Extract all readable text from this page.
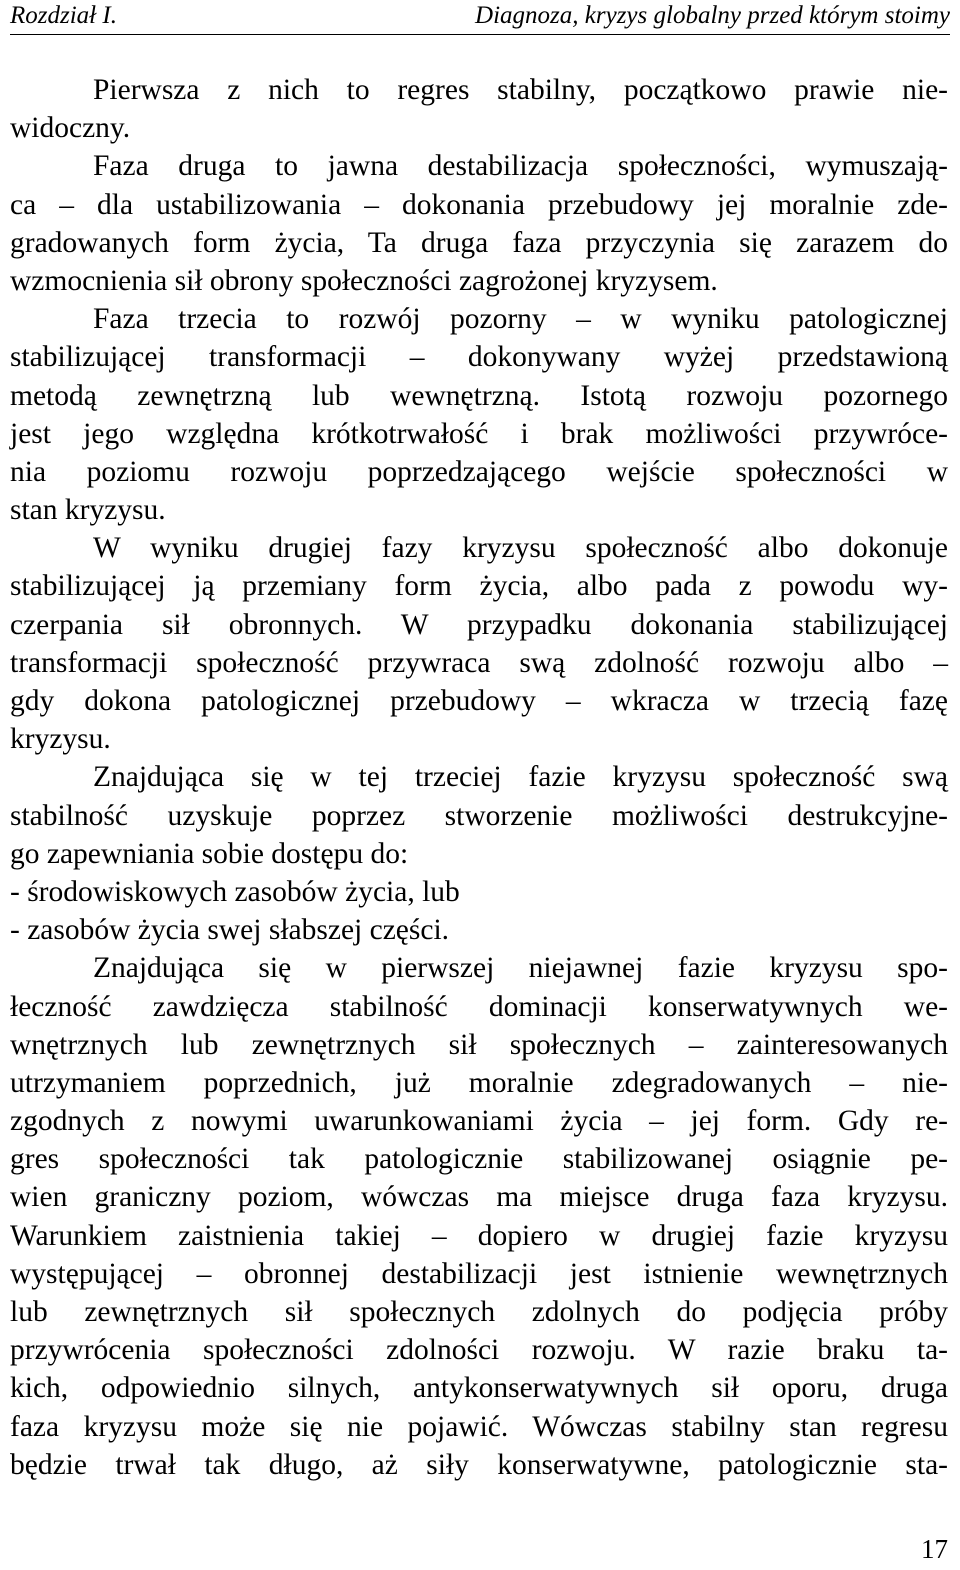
Rozdział I.	Diagnoza, kryzys globalny przed którym stoimy
Pierwsza z nich to regres stabilny, początkowo prawie nie-
widoczny.
Faza druga to jawna destabilizacja społeczności, wymuszają-
ca – dla ustabilizowania – dokonania przebudowy jej moralnie zde-
gradowanych form życia, Ta druga faza przyczynia się zarazem do
wzmocnienia sił obrony społeczności zagrożonej kryzysem.
Faza trzecia to rozwój pozorny – w wyniku patologicznej
stabilizującej transformacji – dokonywany wyżej przedstawioną
metodą zewnętrzną lub wewnętrzną. Istotą rozwoju pozornego
jest jego względna krótkotrwałość i brak możliwości przywróce-
nia poziomu rozwoju poprzedzającego wejście społeczności w
stan kryzysu.
W wyniku drugiej fazy kryzysu społeczność albo dokonuje
stabilizującej ją przemiany form życia, albo pada z powodu wy-
czerpania sił obronnych. W przypadku dokonania stabilizującej
transformacji społeczność przywraca swą zdolność rozwoju albo –
gdy dokona patologicznej przebudowy – wkracza w trzecią fazę
kryzysu.
Znajdująca się w tej trzeciej fazie kryzysu społeczność swą
stabilność uzyskuje poprzez stworzenie możliwości destrukcyjne-
go zapewniania sobie dostępu do:
- środowiskowych zasobów życia, lub
- zasobów życia swej słabszej części.
Znajdująca się w pierwszej niejawnej fazie kryzysu spo-
łeczność zawdzięcza stabilność dominacji konserwatywnych we-
wnętrznych lub zewnętrznych sił społecznych – zainteresowanych
utrzymaniem poprzednich, już moralnie zdegradowanych – nie-
zgodnych z nowymi uwarunkowaniami życia – jej form. Gdy re-
gres społeczności tak patologicznie stabilizowanej osiągnie pe-
wien graniczny poziom, wówczas ma miejsce druga faza kryzysu.
Warunkiem zaistnienia takiej – dopiero w drugiej fazie kryzysu
występującej – obronnej destabilizacji jest istnienie wewnętrznych
lub zewnętrznych sił społecznych zdolnych do podjęcia próby
przywrócenia społeczności zdolności rozwoju. W razie braku ta-
kich, odpowiednio silnych, antykonserwatywnych sił oporu, druga
faza kryzysu może się nie pojawić. Wówczas stabilny stan regresu
będzie trwał tak długo, aż siły konserwatywne, patologicznie sta-
17
